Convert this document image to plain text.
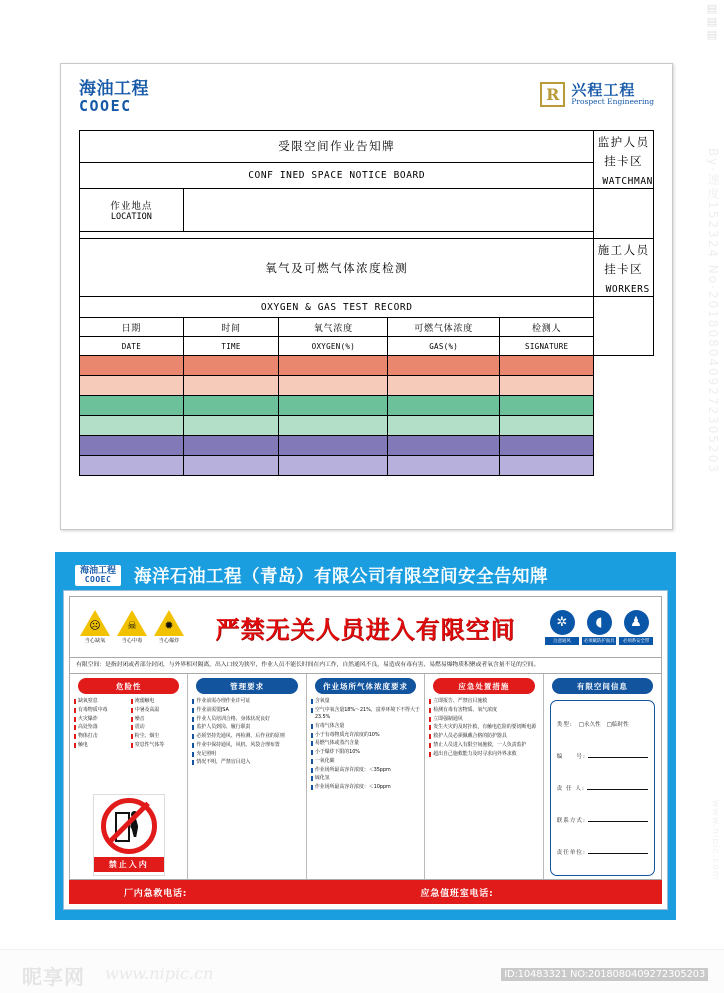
海油工程
COOEC
R 兴程工程
Prospect Engineering
受限空间作业告知牌					监护人员挂卡区 WATCHMAN
CONF INED SPACE NOTICE BOARD					

作业地点
LOCATION					

氧气及可燃气体浓度检测					施工人员挂卡区 WORKERS
OXYGEN & GAS TEST RECORD					
日期	时间	氧气浓度	可燃气体浓度	检测人	
DATE	TIME	OXYGEN(%)	GAS(%)	SIGNATURE	

海油工程
COOEC 海洋石油工程（青岛）有限公司有限空间安全告知牌
☹
当心缺氧
☠
当心中毒
✹
当心爆炸	严禁无关人员进入有限空间	✲
注意通风
◖
必须戴防护面具
♟
必须系安全带
有限空间：是指封闭或者部分封闭，与外界相对隔离，出入口较为狭窄，作业人员不能长时间在内工作，自然通风不良，易造成有毒有害、易燃易爆物质积聚或者氧含量不足的空间。
危险性
缺氧窒息
有毒物质中毒
火灾爆炸
高处坠落
物体打击
触电
淹溺触电
中暑及高温
噪音
震动
粉尘、烟尘
窒息性气体等
禁止入内
管理要求
作业前需办理作业许可证
作业前需要JSA
作业人员培训合格、身体状况良好
监护人员到岗、履行职责
必须坚持先通风、再检测、后作业的原则
作业中保持通风，风机、风袋合理布置
充足照明
情况不明，严禁盲目进入
作业场所气体浓度要求
含氧量
空气中氧含量18%～21%，富养环境下不得大于23.5%
有毒气体含量
小于有毒物质允许浓度的10%
易燃气体或蒸汽含量
小于爆炸下限的10%
一氧化碳
作业场所最高容许浓度：＜35ppm
硫化氢
作业场所最高容许浓度：＜10ppm
应急处置措施
立即报告、严禁盲目施救
检测有毒有害物质、氧气浓度
立即强制通风
发生火灾的及时扑救，有触电危险的要切断电源
救护人员必须佩戴合格的防护器具
禁止人员进入有限空间施救，一人负责监护
超出自己施救能力及时寻求向外界求救
有限空间信息
类型: □永久性 □临时性
编　　号:
责 任 人:
联系方式:
责任单位:
厂内急救电话:	应急值班室电话:
By·速度152324 No·2018080409272305203
www.nipic.com
昵享网 www.nipic.cn	ID:10483321 NO:2018080409272305203
▤
▤
▤
